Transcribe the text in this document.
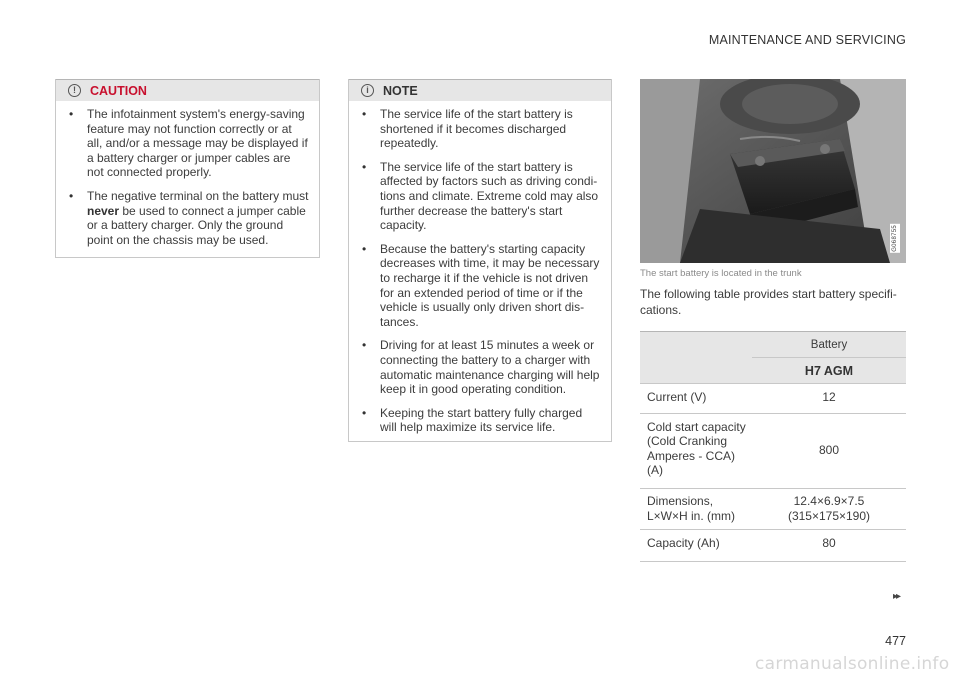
MAINTENANCE AND SERVICING
!	CAUTION
• The infotainment system's energy-saving feature may not function correctly or at all, and/or a message may be displayed if a battery charger or jumper cables are not connected properly.
• The negative terminal on the battery must never be used to connect a jumper cable or a battery charger. Only the ground point on the chassis may be used.
i	NOTE
• The service life of the start battery is shortened if it becomes discharged repeatedly.
• The service life of the start battery is affected by factors such as driving condi-tions and climate. Extreme cold may also further decrease the battery's start capacity.
• Because the battery's starting capacity decreases with time, it may be necessary to recharge it if the vehicle is not driven for an extended period of time or if the vehicle is usually only driven short dis-tances.
• Driving for at least 15 minutes a week or connecting the battery to a charger with automatic maintenance charging will help keep it in good operating condition.
• Keeping the start battery fully charged will help maximize its service life.
G068755
The start battery is located in the trunk
The following table provides start battery specifi-cations.
	Battery
	H7 AGM
Current (V)	12
Cold start capacity (Cold Cranking Amperes - CCA) (A)	800
Dimensions, L×W×H in. (mm)	12.4×6.9×7.5
(315×175×190)

Capacity (Ah)	80
▸▸
477
carmanualsonline.info
